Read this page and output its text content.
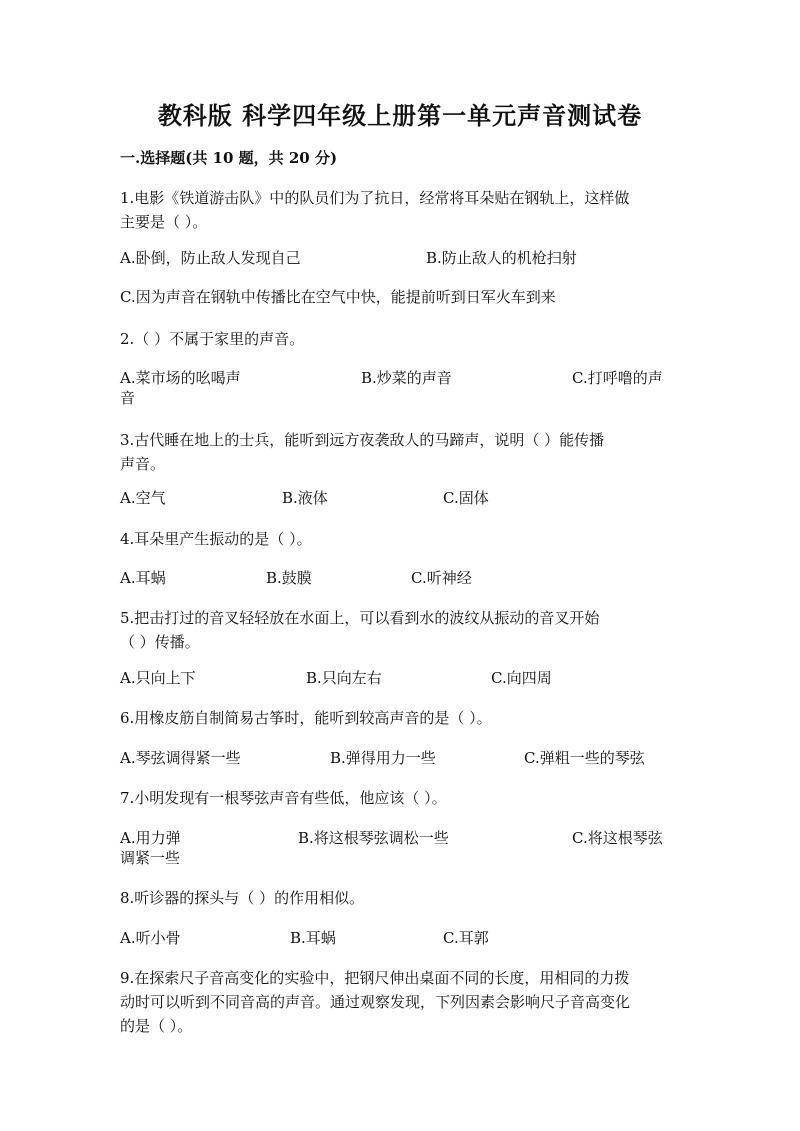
教科版 科学四年级上册第一单元声音测试卷
一.选择题(共 10 题，共 20 分)
1.电影《铁道游击队》中的队员们为了抗日，经常将耳朵贴在钢轨上，这样做
主要是（ ）。
A.卧倒，防止敌人发现自己	B.防止敌人的机枪扫射
C.因为声音在钢轨中传播比在空气中快，能提前听到日军火车到来
2.（ ）不属于家里的声音。
A.菜市场的吆喝声	B.炒菜的声音	C.打呼噜的声
音
3.古代睡在地上的士兵，能听到远方夜袭敌人的马蹄声，说明（ ）能传播
声音。
A.空气	B.液体	C.固体
4.耳朵里产生振动的是（ ）。
A.耳蜗	B.鼓膜	C.听神经
5.把击打过的音叉轻轻放在水面上，可以看到水的波纹从振动的音叉开始
（ ）传播。
A.只向上下	B.只向左右	C.向四周
6.用橡皮筋自制简易古筝时，能听到较高声音的是（ ）。
A.琴弦调得紧一些	B.弹得用力一些	C.弹粗一些的琴弦
7.小明发现有一根琴弦声音有些低，他应该（ ）。
A.用力弹	B.将这根琴弦调松一些	C.将这根琴弦
调紧一些
8.听诊器的探头与（ ）的作用相似。
A.听小骨	B.耳蜗	C.耳郭
9.在探索尺子音高变化的实验中，把钢尺伸出桌面不同的长度，用相同的力拨
动时可以听到不同音高的声音。通过观察发现，下列因素会影响尺子音高变化
的是（ ）。
